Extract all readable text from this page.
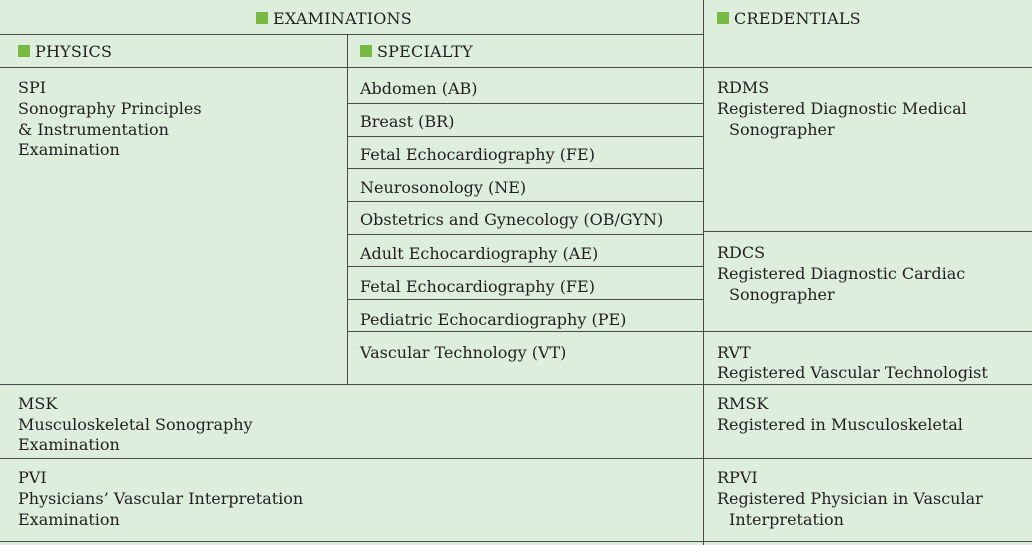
EXAMINATIONS	CREDENTIALS
PHYSICS	SPECIALTY
SPI
Sonography Principles
& Instrumentation
Examination
Abdomen (AB)
Breast (BR)
Fetal Echocardiography (FE)
Neurosonology (NE)
Obstetrics and Gynecology (OB/GYN)
Adult Echocardiography (AE)
Fetal Echocardiography (FE)
Pediatric Echocardiography (PE)
Vascular Technology (VT)
RDMS
Registered Diagnostic Medical
Sonographer
RDCS
Registered Diagnostic Cardiac
Sonographer
RVT
Registered Vascular Technologist
MSK
Musculoskeletal Sonography
Examination
RMSK
Registered in Musculoskeletal
PVI
Physicians’ Vascular Interpretation
Examination
RPVI
Registered Physician in Vascular
Interpretation
